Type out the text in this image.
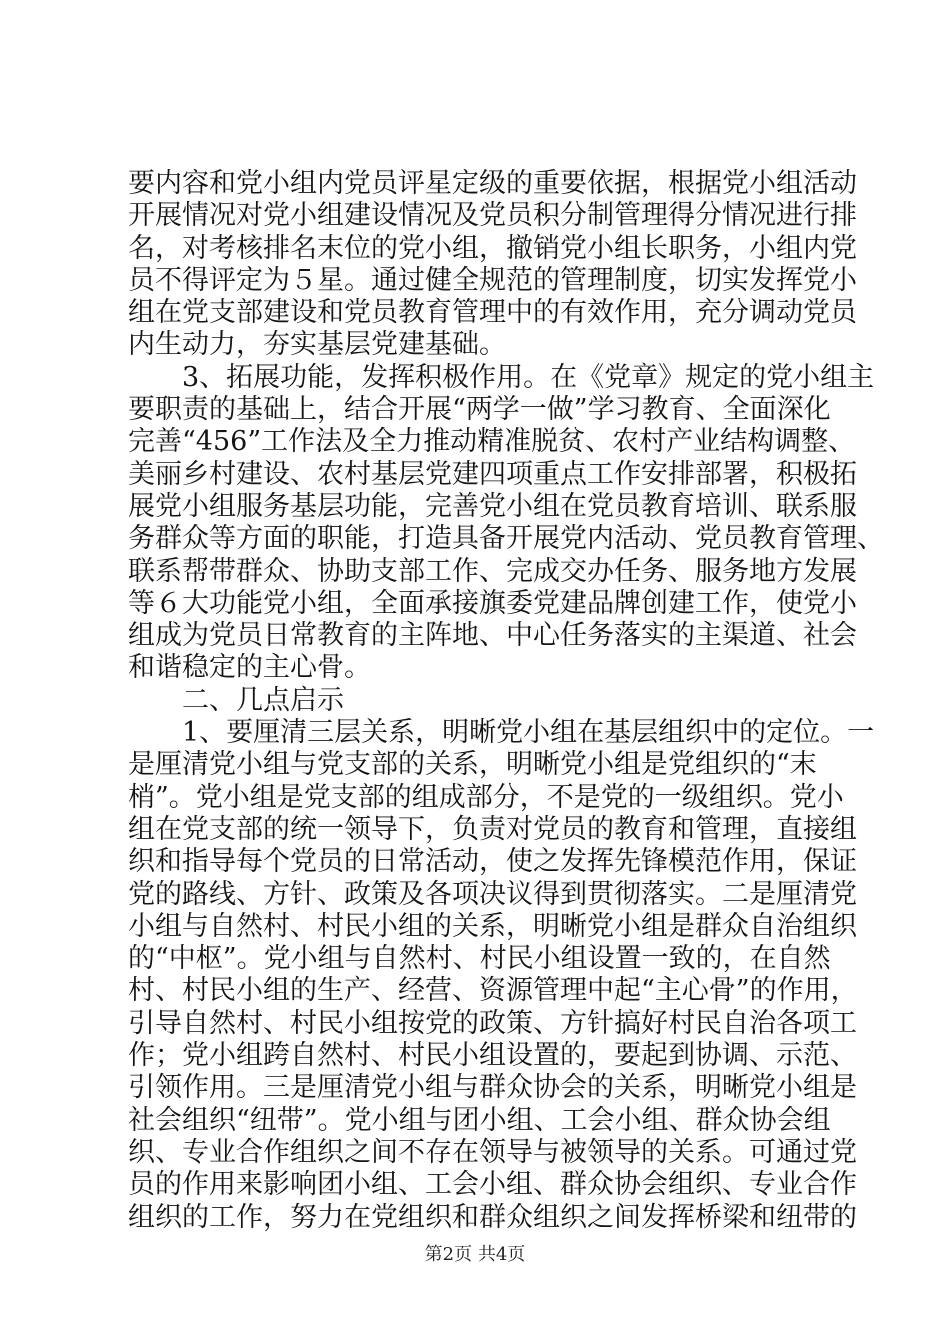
要内容和党小组内党员评星定级的重要依据，根据党小组活动
开展情况对党小组建设情况及党员积分制管理得分情况进行排
名，对考核排名末位的党小组，撤销党小组长职务，小组内党
员不得评定为５星。通过健全规范的管理制度，切实发挥党小
组在党支部建设和党员教育管理中的有效作用，充分调动党员
内生动力，夯实基层党建基础。
　　3、拓展功能，发挥积极作用。在《党章》规定的党小组主
要职责的基础上，结合开展“两学一做”学习教育、全面深化
完善“456”工作法及全力推动精准脱贫、农村产业结构调整、
美丽乡村建设、农村基层党建四项重点工作安排部署，积极拓
展党小组服务基层功能，完善党小组在党员教育培训、联系服
务群众等方面的职能，打造具备开展党内活动、党员教育管理、
联系帮带群众、协助支部工作、完成交办任务、服务地方发展
等６大功能党小组，全面承接旗委党建品牌创建工作，使党小
组成为党员日常教育的主阵地、中心任务落实的主渠道、社会
和谐稳定的主心骨。
　　二、几点启示
　　1、要厘清三层关系，明晰党小组在基层组织中的定位。一
是厘清党小组与党支部的关系，明晰党小组是党组织的“末
梢”。党小组是党支部的组成部分，不是党的一级组织。党小
组在党支部的统一领导下，负责对党员的教育和管理，直接组
织和指导每个党员的日常活动，使之发挥先锋模范作用，保证
党的路线、方针、政策及各项决议得到贯彻落实。二是厘清党
小组与自然村、村民小组的关系，明晰党小组是群众自治组织
的“中枢”。党小组与自然村、村民小组设置一致的，在自然
村、村民小组的生产、经营、资源管理中起“主心骨”的作用，
引导自然村、村民小组按党的政策、方针搞好村民自治各项工
作；党小组跨自然村、村民小组设置的，要起到协调、示范、
引领作用。三是厘清党小组与群众协会的关系，明晰党小组是
社会组织“纽带”。党小组与团小组、工会小组、群众协会组
织、专业合作组织之间不存在领导与被领导的关系。可通过党
员的作用来影响团小组、工会小组、群众协会组织、专业合作
组织的工作，努力在党组织和群众组织之间发挥桥梁和纽带的
第2页 共4页
